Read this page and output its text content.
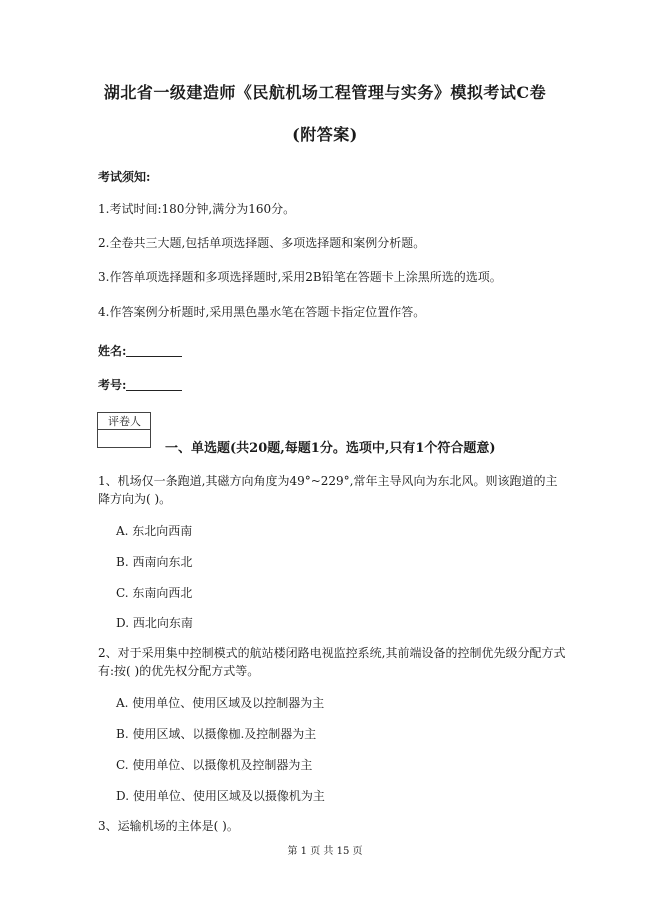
湖北省一级建造师《民航机场工程管理与实务》模拟考试C卷
(附答案)
考试须知:
1.考试时间:180分钟,满分为160分。
2.全卷共三大题,包括单项选择题、多项选择题和案例分析题。
3.作答单项选择题和多项选择题时,采用2B铅笔在答题卡上涂黑所选的选项。
4.作答案例分析题时,采用黑色墨水笔在答题卡指定位置作答。
姓名:
考号:
评卷人
一、单选题(共20题,每题1分。选项中,只有1个符合题意)
1、机场仅一条跑道,其磁方向角度为49°~229°,常年主导风向为东北风。则该跑道的主
降方向为( )。
A. 东北向西南
B. 西南向东北
C. 东南向西北
D. 西北向东南
2、对于采用集中控制模式的航站楼闭路电视监控系统,其前端设备的控制优先级分配方式
有:按( )的优先权分配方式等。
A. 使用单位、使用区域及以控制器为主
B. 使用区域、以摄像枷.及控制器为主
C. 使用单位、以摄像机及控制器为主
D. 使用单位、使用区域及以摄像机为主
3、运输机场的主体是( )。
第 1 页 共 15 页
